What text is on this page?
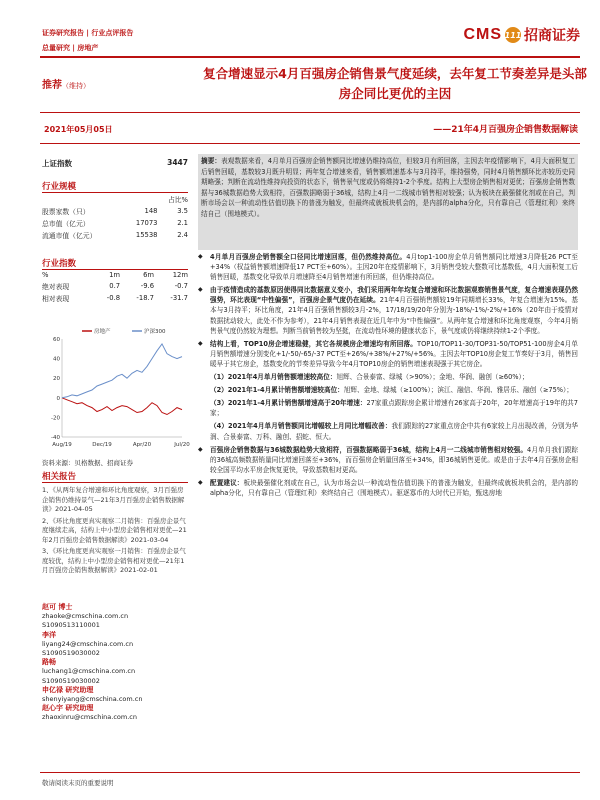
证券研究报告 | 行业点评报告
总量研究 | 房地产
CMS 111 招商证券
推荐（维持）
复合增速显示4月百强房企销售景气度延续，去年复工节奏差异是头部房企同比更优的主因
2021年05月05日	——21年4月百强房企销售数据解读
上证指数	3447
行业规模
		占比%
股票家数（只）	148	3.5
总市值（亿元）	17073	2.1
流通市值（亿元）	15538	2.4
行业指数
%	1m	6m	12m
绝对表现	0.7	-9.6	-0.7
相对表现	-0.8	-18.7	-31.7
房地产	沪深300
60
40
20
0
-20
-40
Aug/19	Dec/19	Apr/20	Jul/20
资料来源：贝格数据、招商证券
相关报告
1、《从两年复合增速和环比角度观察，3月百强房企销售仍维持景气—21年3月百强房企销售数据解读》2021-04-05
2、《环比角度更真实观察二月销售：百强房企景气度继续走高，结构上中小型房企销售相对更优—21年2月百强房企销售数据解读》2021-03-04
3、《环比角度更真实观察一月销售：百强房企景气度较优，结构上中小型房企销售相对更优—21年1月百强房企销售数据解读》2021-02-01
赵可 博士
zhaoke@cmschina.com.cn
S1090513110001
李洋
liyang24@cmschina.com.cn
S1090519030002
路畅
luchang1@cmschina.com.cn
S1090519030002
申亿禄 研究助理
shenyiyang@cmschina.com.cn
赵心宇 研究助理
zhaoxinru@cmschina.com.cn
摘要：表观数据来看，4月单月百强房企销售额同比增速仍维持高位，但较3月有所回落，主因去年疫情影响下，4月大面积复工后销售回暖，基数较3月既升明显；两年复合增速来看，销售额增速基本与3月持平，维持强势，同时4月销售额环比亦较历史同期略强；判断在流动性维持向投资的状态下，销售景气度或仍将维持1-2个季度。结构上大型房企销售相对更优；百强房企销售数据与36城数据趋势大致相符，百强数据略弱于36城，结构上4月一二线城市销售相对较强；认为板块在最强催化剂或在自己，判断市场会以一种流动性估值切换下的普涨为触发，但最终成就板块机会的，是内部的alpha分化，只有靠自己（管理红利）来终结自己（围地模式）。

◆ 4月单月百强房企销售额全口径同比增速回落，但仍然维持高位。4月top1-100房企单月销售额同比增速3月降低26 PCT至+34%（权益销售额增速降低17 PCT至+60%）。主因20年在疫情影响下，3月销售受较大整数可比基数低，4月大面积复工后销售回暖，基数变化导致单月增速降至4月销售增速有所回落，但仍维持高位。

◆ 由于疫情造成的基数原因使得同比数据意义变小，我们采用两年年均复合增速和环比数据观察销售景气度，复合增速表现仍然强势，环比表现“中性偏强”，百强房企景气度仍在延续。21年4月百强销售额较19年同期增长33%，年复合增速为15%。基本与3月持平；环比角度，21年4月百强销售额较3月-2%，17/18/19/20年分别为-18%/-1%/-2%/+16%（20年由于疫情对数据扰动较大，此处不作为参考），21年4月销售表现在近几年中为“中性偏强”。从两年复合增速和环比角度观察，今年4月销售景气度仍然较为理想。判断当前销售较为坚挺，在流动性环境的健康状态下，景气度或仍将继续持续1-2个季度。

◆ 结构上看，TOP10房企增速稳健，其它各规模房企增速均有所回落。TOP10/TOP11-30/TOP31-50/TOP51-100房企4月单月销售额增速分别变化+1/-50/-65/-37 PCT至+26%/+38%/+27%/+56%。主因去年TOP10房企复工节奏好于3月，销售回暖早于其它房企，基数变化的节奏差异导致今年4月TOP10房企的销售增速表现强于其它房企。

（1）2021年4月单月销售额增速较高位：旭辉、合景泰富、绿城（>90%）；金地、华润、融创（≥60%）；

（2）2021年1-4月累计销售额增速较高位：旭辉、金地、绿城（≥100%）；滨江、融信、华润、雅居乐、融创（≥75%）；

（3）2021年1-4月累计销售额增速高于20年增速：27家重点跟踪房企累计增速有26家高于20年，20年增速高于19年的共7家；

（4）2021年4月单月销售额同比增幅较上月同比增幅改善：我们跟踪的27家重点房企中共有6家较上月出现改善，分别为华润、合景泰富、万科、融创、招蛇、恒大。

◆ 百强房企销售数据与36城数据趋势大致相符，百强数据略弱于36城，结构上4月一二线城市销售相对较强。4月单月我们跟踪的36城高频数据销量同比增速回落至+36%，而百强房企销量回落至+34%，即36城销售更优。或是由于去年4月百强房企相较全国平均水平房企恢复更快，导致基数相对更高。

◆ 配置建议：板块最强催化剂或在自己，认为市场会以一种流动性估值切换下的普涨为触发，但最终成就板块机会的，是内部的alpha分化，只有靠自己（管理红利）来终结自己（围地模式）。驱逐寡币的大时代已开始，甄选房地

敬请阅读末页的重要说明
